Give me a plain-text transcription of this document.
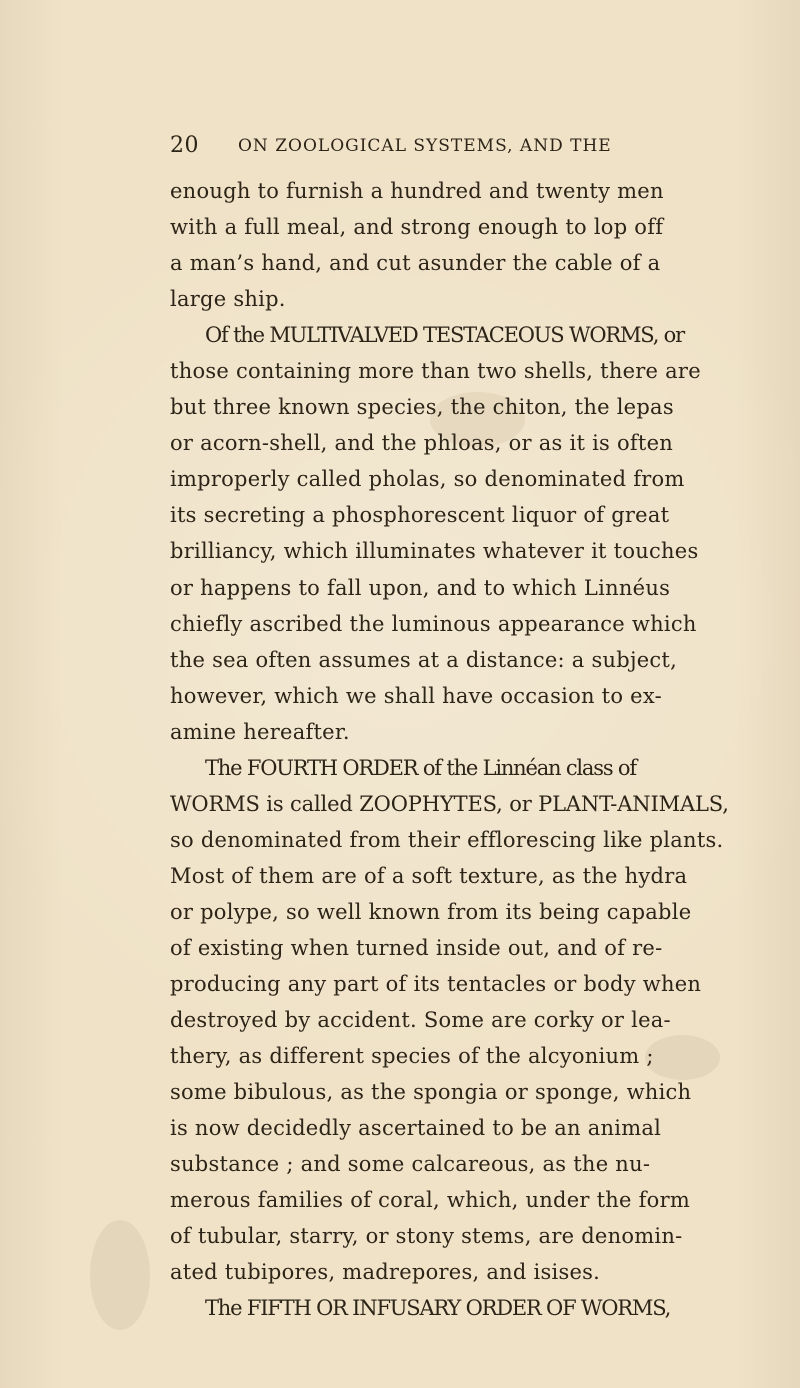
20 ON ZOOLOGICAL SYSTEMS, AND THE
enough to furnish a hundred and twenty men
with a full meal, and strong enough to lop off
a man’s hand, and cut asunder the cable of a
large ship.
Of the MULTIVALVED TESTACEOUS WORMS, or
those containing more than two shells, there are
but three known species, the chiton, the lepas
or acorn-shell, and the phloas, or as it is often
improperly called pholas, so denominated from
its secreting a phosphorescent liquor of great
brilliancy, which illuminates whatever it touches
or happens to fall upon, and to which Linnéus
chiefly ascribed the luminous appearance which
the sea often assumes at a distance: a subject,
however, which we shall have occasion to ex-
amine hereafter.
The FOURTH ORDER of the Linnéan class of
WORMS is called ZOOPHYTES, or PLANT-ANIMALS,
so denominated from their efflorescing like plants.
Most of them are of a soft texture, as the hydra
or polype, so well known from its being capable
of existing when turned inside out, and of re-
producing any part of its tentacles or body when
destroyed by accident. Some are corky or lea-
thery, as different species of the alcyonium ;
some bibulous, as the spongia or sponge, which
is now decidedly ascertained to be an animal
substance ; and some calcareous, as the nu-
merous families of coral, which, under the form
of tubular, starry, or stony stems, are denomin-
ated tubipores, madrepores, and isises.
The FIFTH OR INFUSARY ORDER OF WORMS,
